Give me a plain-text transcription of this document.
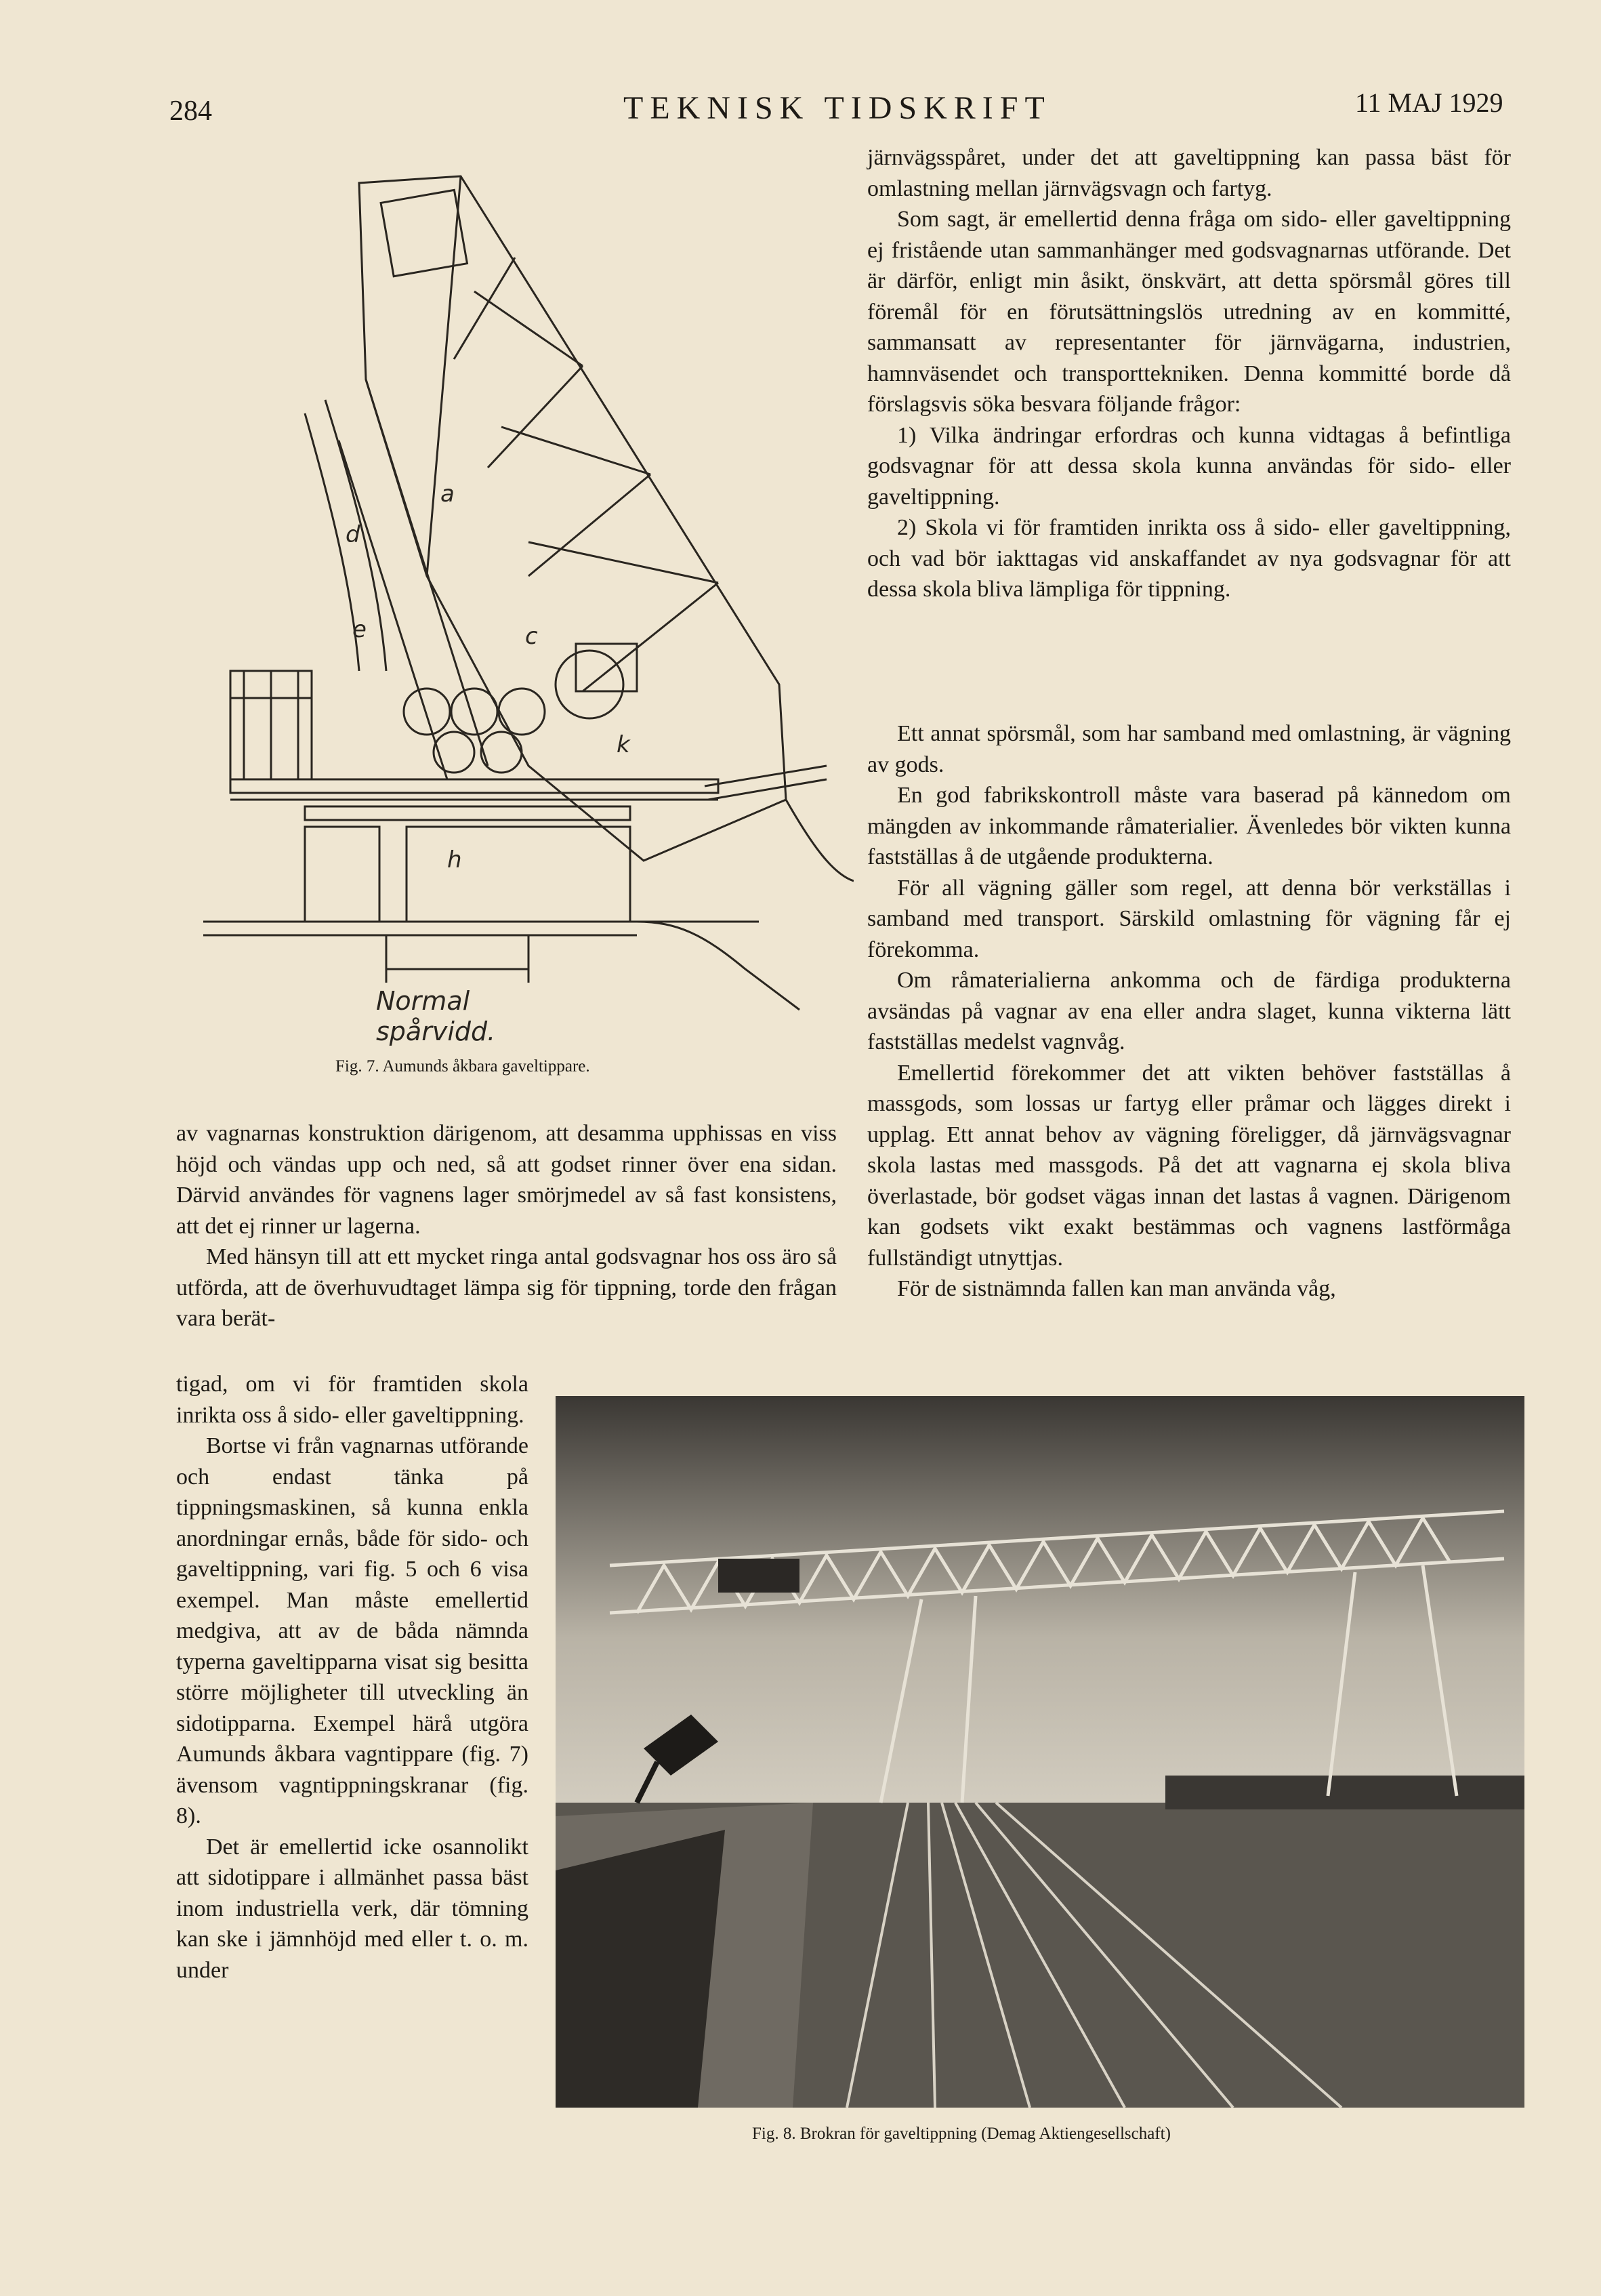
284	TEKNISK TIDSKRIFT	11 MAJ 1929
d
a
e	c
k
h
Normal
spårvidd.
Fig. 7. Aumunds åkbara gaveltippare.

järnvägsspåret, under det att gaveltippning kan passa bäst för omlastning mellan järnvägsvagn och fartyg.

Som sagt, är emellertid denna fråga om sido- eller gaveltippning ej fristående utan sammanhänger med godsvagnarnas utförande. Det är därför, enligt min åsikt, önskvärt, att detta spörsmål göres till föremål för en förutsättningslös utredning av en kommitté, sammansatt av representanter för järnvägarna, industrien, hamnväsendet och transporttekniken. Denna kommitté borde då förslagsvis söka besvara följande frågor:

1) Vilka ändringar erfordras och kunna vidtagas å befintliga godsvagnar för att dessa skola kunna användas för sido- eller gaveltippning.

2) Skola vi för framtiden inrikta oss å sido- eller gaveltippning, och vad bör iakttagas vid anskaffandet av nya godsvagnar för att dessa skola bliva lämpliga för tippning.

Ett annat spörsmål, som har samband med omlastning, är vägning av gods.

En god fabrikskontroll måste vara baserad på kännedom om mängden av inkommande råmaterialier. Ävenledes bör vikten kunna fastställas å de utgående produkterna.

För all vägning gäller som regel, att denna bör verkställas i samband med transport. Särskild omlastning för vägning får ej förekomma.

Om råmaterialierna ankomma och de färdiga produkterna avsändas på vagnar av ena eller andra slaget, kunna vikterna lätt fastställas medelst vagnvåg.

Emellertid förekommer det att vikten behöver fastställas å massgods, som lossas ur fartyg eller pråmar och lägges direkt i upplag. Ett annat behov av vägning föreligger, då järnvägsvagnar skola lastas med massgods. På det att vagnarna ej skola bliva överlastade, bör godset vägas innan det lastas å vagnen. Därigenom kan godsets vikt exakt bestämmas och vagnens lastförmåga fullständigt utnyttjas.

För de sistnämnda fallen kan man använda våg,

av vagnarnas konstruktion därigenom, att desamma upphissas en viss höjd och vändas upp och ned, så att godset rinner över ena sidan. Därvid användes för vagnens lager smörjmedel av så fast konsistens, att det ej rinner ur lagerna.

Med hänsyn till att ett mycket ringa antal godsvagnar hos oss äro så utförda, att de överhuvudtaget lämpa sig för tippning, torde den frågan vara berät-

tigad, om vi för framtiden skola inrikta oss å sido- eller gaveltippning.

Bortse vi från vagnarnas utförande och endast tänka på tippningsmaskinen, så kunna enkla anordningar ernås, både för sido- och gaveltippning, vari fig. 5 och 6 visa exempel. Man måste emellertid medgiva, att av de båda nämnda typerna gaveltipparna visat sig besitta större möjligheter till utveckling än sidotipparna. Exempel härå utgöra Aumunds åkbara vagntippare (fig. 7) ävensom vagntippningskranar (fig. 8).

Det är emellertid icke osannolikt att sidotippare i allmänhet passa bäst inom industriella verk, där tömning kan ske i jämnhöjd med eller t. o. m. under

Fig. 8. Brokran för gaveltippning (Demag Aktiengesellschaft)
